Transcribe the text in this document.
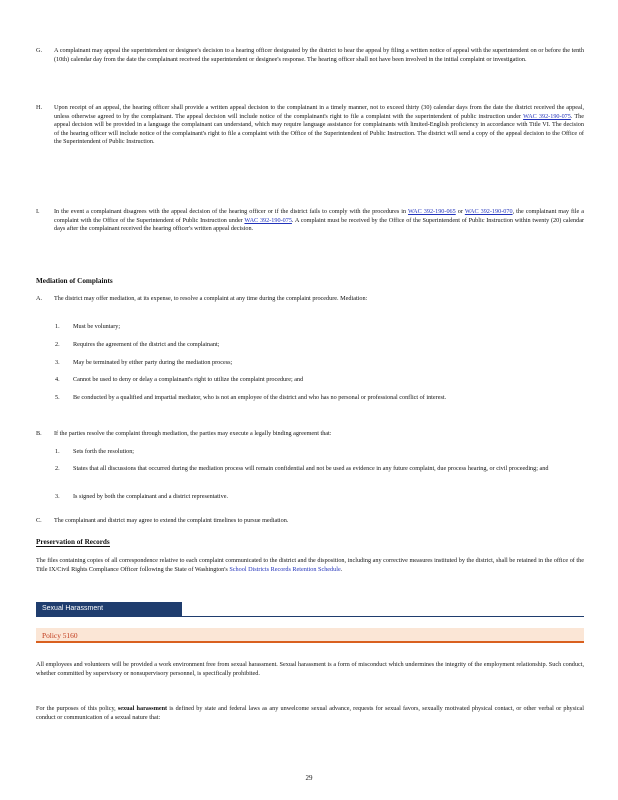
G.	A complainant may appeal the superintendent or designee's decision to a hearing officer designated by the district to hear the appeal by filing a written notice of appeal with the superintendent on or before the tenth (10th) calendar day from the date the complainant received the superintendent or designee's response. The hearing officer shall not have been involved in the initial complaint or investigation.
H.	Upon receipt of an appeal, the hearing officer shall provide a written appeal decision to the complainant in a timely manner, not to exceed thirty (30) calendar days from the date the district received the appeal, unless otherwise agreed to by the complainant. The appeal decision will include notice of the complainant's right to file a complaint with the superintendent of public instruction under WAC 392-190-075. The appeal decision will be provided in a language the complainant can understand, which may require language assistance for complainants with limited-English proficiency in accordance with Title VI. The decision of the hearing officer will include notice of the complainant's right to file a complaint with the Office of the Superintendent of Public Instruction. The district will send a copy of the appeal decision to the Office of the Superintendent of Public Instruction.
I.	In the event a complainant disagrees with the appeal decision of the hearing officer or if the district fails to comply with the procedures in WAC 392-190-065 or WAC 392-190-070, the complainant may file a complaint with the Office of the Superintendent of Public Instruction under WAC 392-190-075. A complaint must be received by the Office of the Superintendent of Public Instruction within twenty (20) calendar days after the complainant received the hearing officer's written appeal decision.
Mediation of Complaints
A.	The district may offer mediation, at its expense, to resolve a complaint at any time during the complaint procedure. Mediation:
1.	Must be voluntary;
2.	Requires the agreement of the district and the complainant;
3.	May be terminated by either party during the mediation process;
4.	Cannot be used to deny or delay a complainant's right to utilize the complaint procedure; and
5.	Be conducted by a qualified and impartial mediator, who is not an employee of the district and who has no personal or professional conflict of interest.
B.	If the parties resolve the complaint through mediation, the parties may execute a legally binding agreement that:
1.	Sets forth the resolution;
2.	States that all discussions that occurred during the mediation process will remain confidential and not be used as evidence in any future complaint, due process hearing, or civil proceeding; and
3.	Is signed by both the complainant and a district representative.
C.	The complainant and district may agree to extend the complaint timelines to pursue mediation.
Preservation of Records
The files containing copies of all correspondence relative to each complaint communicated to the district and the disposition, including any corrective measures instituted by the district, shall be retained in the office of the Title IX/Civil Rights Compliance Officer following the State of Washington's School Districts Records Retention Schedule.
Sexual Harassment
Policy 5160
All employees and volunteers will be provided a work environment free from sexual harassment. Sexual harassment is a form of misconduct which undermines the integrity of the employment relationship. Such conduct, whether committed by supervisory or nonsupervisory personnel, is specifically prohibited.
For the purposes of this policy, sexual harassment is defined by state and federal laws as any unwelcome sexual advance, requests for sexual favors, sexually motivated physical contact, or other verbal or physical conduct or communication of a sexual nature that:
29
